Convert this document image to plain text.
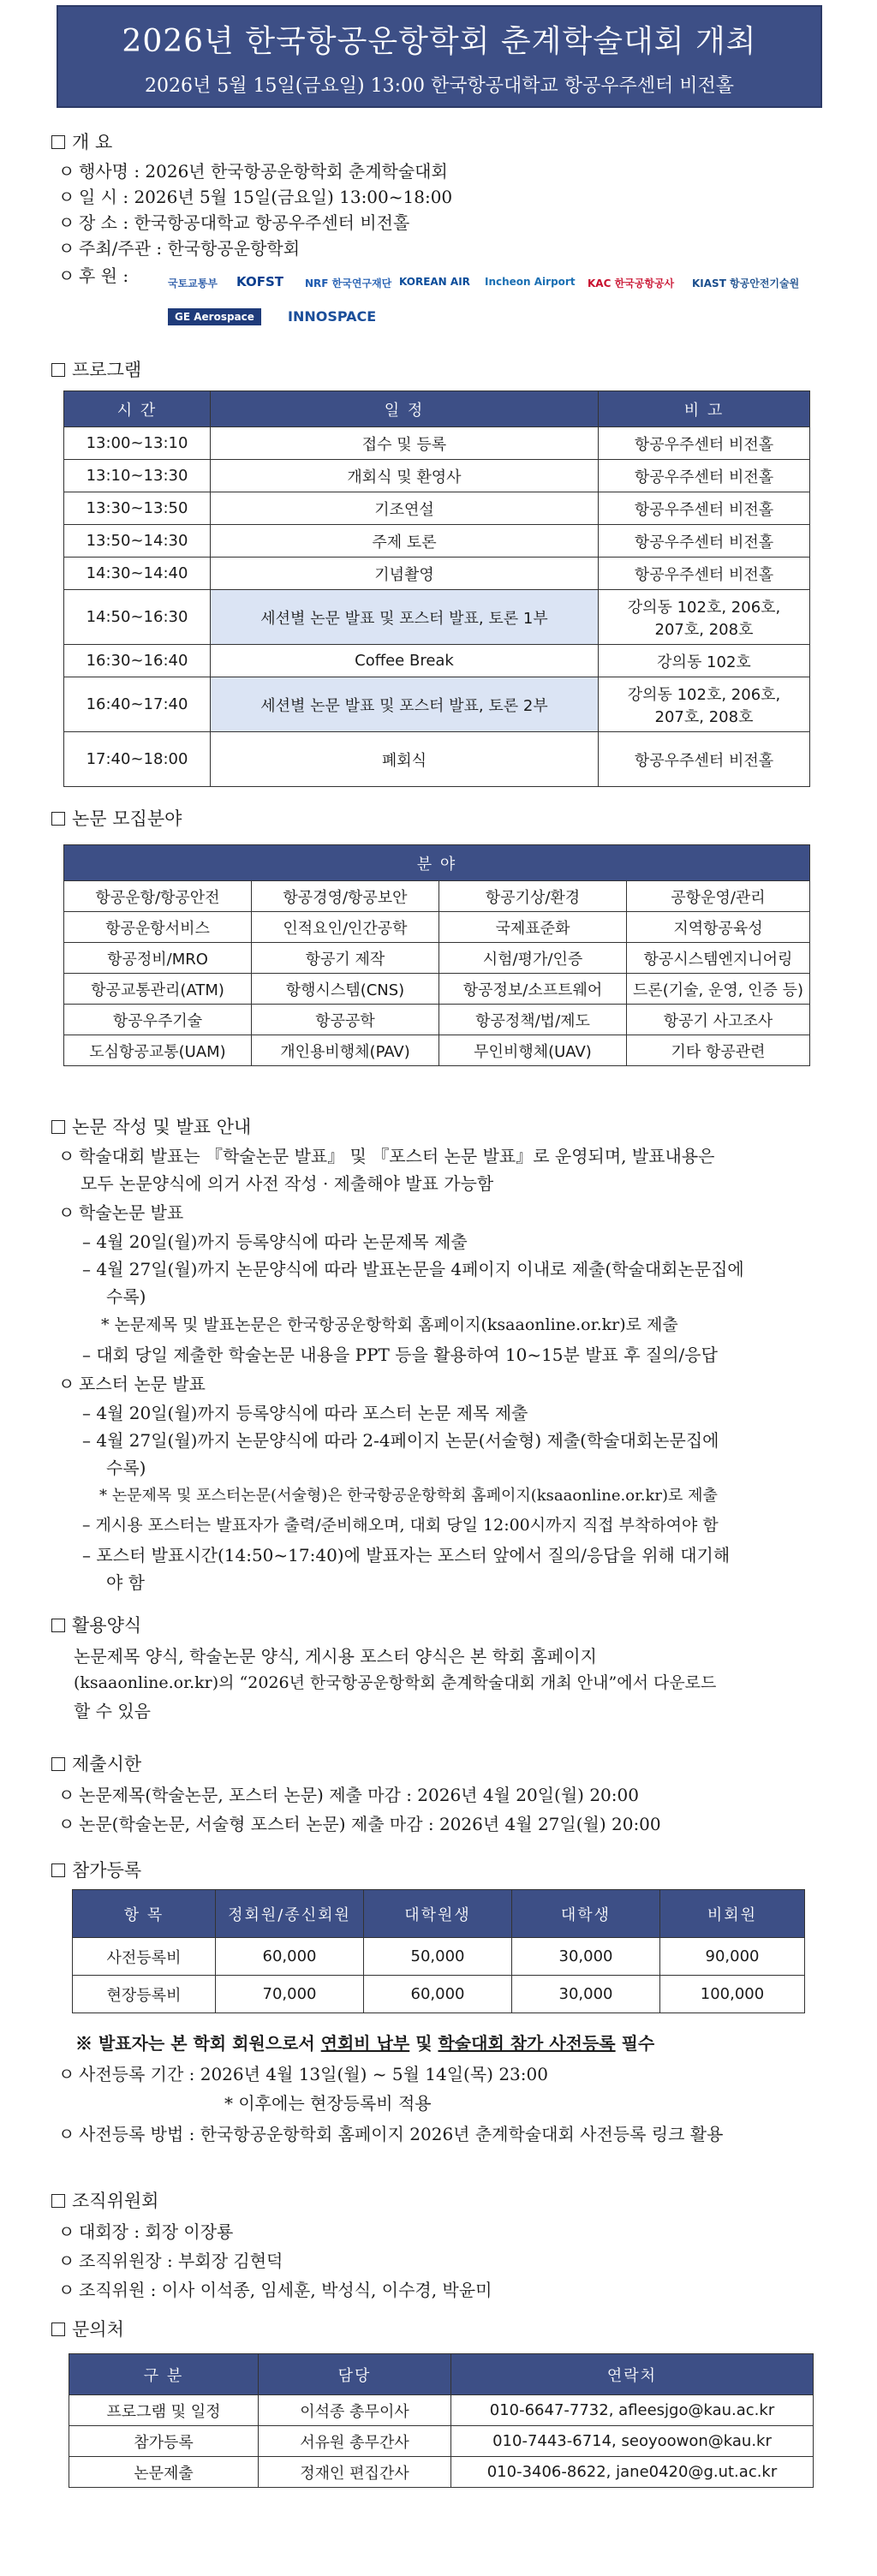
2026년 한국항공운항학회 춘계학술대회 개최
2026년 5월 15일(금요일) 13:00 한국항공대학교 항공우주센터 비전홀
개 요
ㅇ 행사명 : 2026년 한국항공운항학회 춘계학술대회
ㅇ 일 시 : 2026년 5월 15일(금요일) 13:00~18:00
ㅇ 장 소 : 한국항공대학교 항공우주센터 비전홀
ㅇ 주최/주관 : 한국항공운항학회
ㅇ 후 원 :	국토교통부 KOFST NRF 한국연구재단 KOREAN AIR Incheon Airport KAC 한국공항공사 KIAST 항공안전기술원
GE Aerospace	INNOSPACE
프로그램
시 간	일 정	비 고
13:00~13:10	접수 및 등록	항공우주센터 비전홀
13:10~13:30	개회식 및 환영사	항공우주센터 비전홀
13:30~13:50	기조연설	항공우주센터 비전홀
13:50~14:30	주제 토론	항공우주센터 비전홀
14:30~14:40	기념촬영	항공우주센터 비전홀
14:50~16:30	세션별 논문 발표 및 포스터 발표, 토론 1부	강의동 102호, 206호, 207호, 208호
16:30~16:40	Coffee Break	강의동 102호
16:40~17:40	세션별 논문 발표 및 포스터 발표, 토론 2부	강의동 102호, 206호, 207호, 208호
17:40~18:00	폐회식	항공우주센터 비전홀
논문 모집분야
분 야			
항공운항/항공안전	항공경영/항공보안	항공기상/환경	공항운영/관리
항공운항서비스	인적요인/인간공학	국제표준화	지역항공육성
항공정비/MRO	항공기 제작	시험/평가/인증	항공시스템엔지니어링
항공교통관리(ATM)	항행시스템(CNS)	항공정보/소프트웨어	드론(기술, 운영, 인증 등)
항공우주기술	항공공학	항공정책/법/제도	항공기 사고조사
도심항공교통(UAM)	개인용비행체(PAV)	무인비행체(UAV)	기타 항공관련
논문 작성 및 발표 안내
ㅇ 학술대회 발표는 『학술논문 발표』 및 『포스터 논문 발표』로 운영되며, 발표내용은
모두 논문양식에 의거 사전 작성 · 제출해야 발표 가능함
ㅇ 학술논문 발표
– 4월 20일(월)까지 등록양식에 따라 논문제목 제출
– 4월 27일(월)까지 논문양식에 따라 발표논문을 4페이지 이내로 제출(학술대회논문집에
수록)
* 논문제목 및 발표논문은 한국항공운항학회 홈페이지(ksaaonline.or.kr)로 제출
– 대회 당일 제출한 학술논문 내용을 PPT 등을 활용하여 10~15분 발표 후 질의/응답
ㅇ 포스터 논문 발표
– 4월 20일(월)까지 등록양식에 따라 포스터 논문 제목 제출
– 4월 27일(월)까지 논문양식에 따라 2-4페이지 논문(서술형) 제출(학술대회논문집에
수록)
* 논문제목 및 포스터논문(서술형)은 한국항공운항학회 홈페이지(ksaaonline.or.kr)로 제출
– 게시용 포스터는 발표자가 출력/준비해오며, 대회 당일 12:00시까지 직접 부착하여야 함
– 포스터 발표시간(14:50~17:40)에 발표자는 포스터 앞에서 질의/응답을 위해 대기해
야 함
활용양식
논문제목 양식, 학술논문 양식, 게시용 포스터 양식은 본 학회 홈페이지
(ksaaonline.or.kr)의 “2026년 한국항공운항학회 춘계학술대회 개최 안내”에서 다운로드
할 수 있음
제출시한
ㅇ 논문제목(학술논문, 포스터 논문) 제출 마감 : 2026년 4월 20일(월) 20:00
ㅇ 논문(학술논문, 서술형 포스터 논문) 제출 마감 : 2026년 4월 27일(월) 20:00
참가등록
항 목	정회원/종신회원	대학원생	대학생	비회원
사전등록비	60,000	50,000	30,000	90,000
현장등록비	70,000	60,000	30,000	100,000
※ 발표자는 본 학회 회원으로서 연회비 납부 및 학술대회 참가 사전등록 필수
ㅇ 사전등록 기간 : 2026년 4월 13일(월) ~ 5월 14일(목) 23:00
* 이후에는 현장등록비 적용
ㅇ 사전등록 방법 : 한국항공운항학회 홈페이지 2026년 춘계학술대회 사전등록 링크 활용
조직위원회
ㅇ 대회장 : 회장 이장룡
ㅇ 조직위원장 : 부회장 김현덕
ㅇ 조직위원 : 이사 이석종, 임세훈, 박성식, 이수경, 박윤미
문의처
구 분	담당	연락처
프로그램 및 일정	이석종 총무이사	010-6647-7732, afleesjgo@kau.ac.kr
참가등록	서유원 총무간사	010-7443-6714, seoyoowon@kau.kr
논문제출	정재인 편집간사	010-3406-8622, jane0420@g.ut.ac.kr
